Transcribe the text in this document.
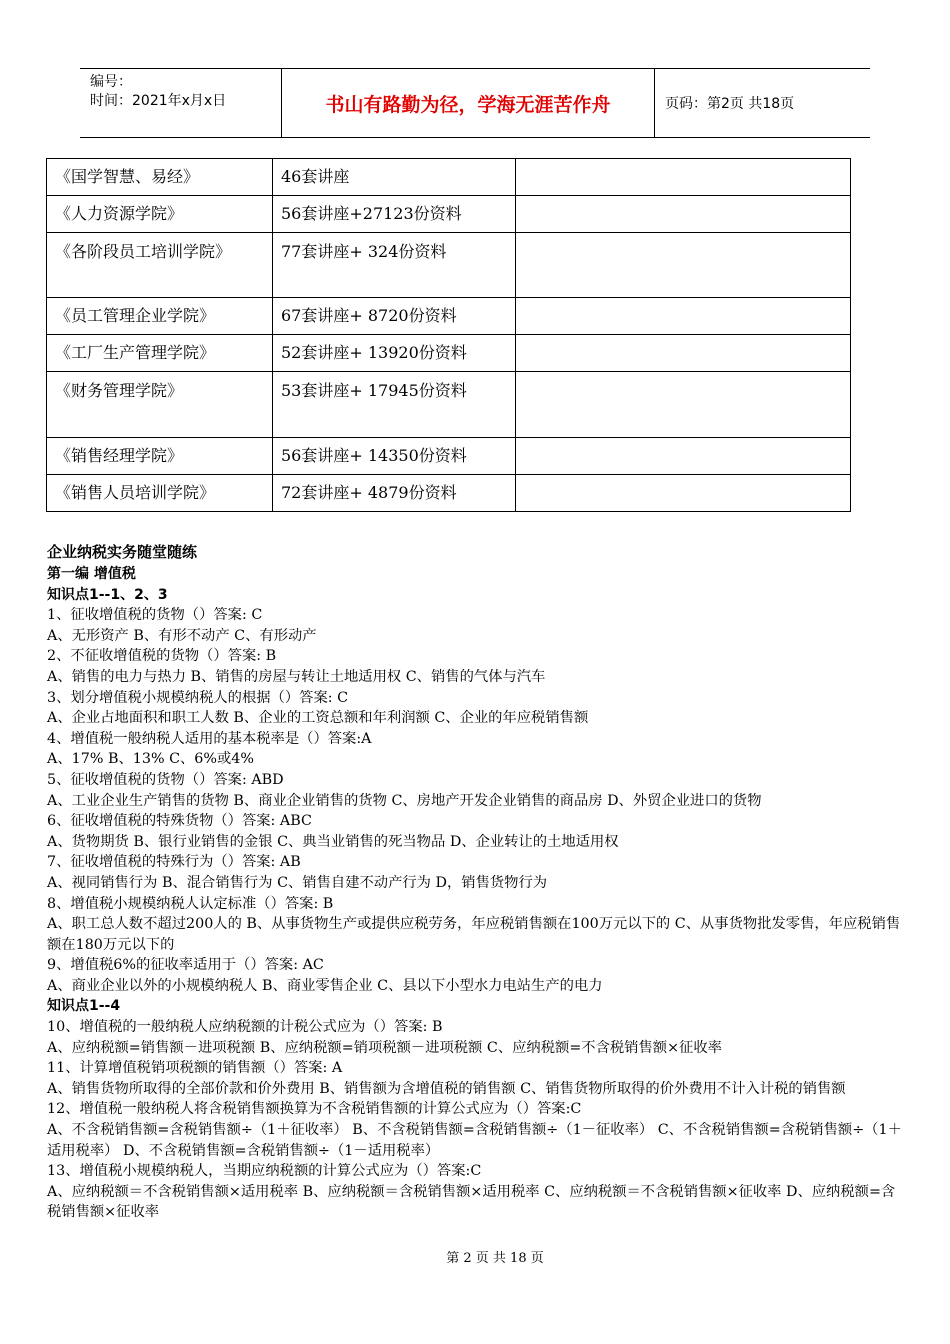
编号：
时间：2021年x月x日	书山有路勤为径，学海无涯苦作舟	页码：第2页 共18页
《国学智慧、易经》	46套讲座	
《人力资源学院》	56套讲座+27123份资料	
《各阶段员工培训学院》	77套讲座+ 324份资料	
《员工管理企业学院》	67套讲座+ 8720份资料	
《工厂生产管理学院》	52套讲座+ 13920份资料	
《财务管理学院》	53套讲座+ 17945份资料	
《销售经理学院》	56套讲座+ 14350份资料	
《销售人员培训学院》	72套讲座+ 4879份资料	

企业纳税实务随堂随练

第一编 增值税

知识点1--1、2、3

1、征收增值税的货物（）答案: C

A、无形资产 B、有形不动产 C、有形动产

2、不征收增值税的货物（）答案: B

A、销售的电力与热力 B、销售的房屋与转让土地适用权 C、销售的气体与汽车

3、划分增值税小规模纳税人的根据（）答案: C

A、企业占地面积和职工人数 B、企业的工资总额和年利润额 C、企业的年应税销售额

4、增值税一般纳税人适用的基本税率是（）答案:A

A、17% B、13% C、6%或4%

5、征收增值税的货物（）答案: ABD

A、工业企业生产销售的货物 B、商业企业销售的货物 C、房地产开发企业销售的商品房 D、外贸企业进口的货物

6、征收增值税的特殊货物（）答案: ABC

A、货物期货 B、银行业销售的金银 C、典当业销售的死当物品 D、企业转让的土地适用权

7、征收增值税的特殊行为（）答案: AB

A、视同销售行为 B、混合销售行为 C、销售自建不动产行为 D，销售货物行为

8、增值税小规模纳税人认定标准（）答案: B

A、职工总人数不超过200人的 B、从事货物生产或提供应税劳务，年应税销售额在100万元以下的 C、从事货物批发零售，年应税销售额在180万元以下的

9、增值税6%的征收率适用于（）答案: AC

A、商业企业以外的小规模纳税人 B、商业零售企业 C、县以下小型水力电站生产的电力

知识点1--4

10、增值税的一般纳税人应纳税额的计税公式应为（）答案: B

A、应纳税额=销售额－进项税额 B、应纳税额=销项税额－进项税额 C、应纳税额=不含税销售额×征收率

11、计算增值税销项税额的销售额（）答案: A

A、销售货物所取得的全部价款和价外费用 B、销售额为含增值税的销售额 C、销售货物所取得的价外费用不计入计税的销售额

12、增值税一般纳税人将含税销售额换算为不含税销售额的计算公式应为（）答案:C

A、不含税销售额=含税销售额÷（1＋征收率） B、不含税销售额=含税销售额÷（1－征收率） C、不含税销售额=含税销售额÷（1＋适用税率） D、不含税销售额=含税销售额÷（1－适用税率）

13、增值税小规模纳税人，当期应纳税额的计算公式应为（）答案:C

A、应纳税额＝不含税销售额×适用税率 B、应纳税额＝含税销售额×适用税率 C、应纳税额＝不含税销售额×征收率 D、应纳税额=含税销售额×征收率

第 2 页 共 18 页
